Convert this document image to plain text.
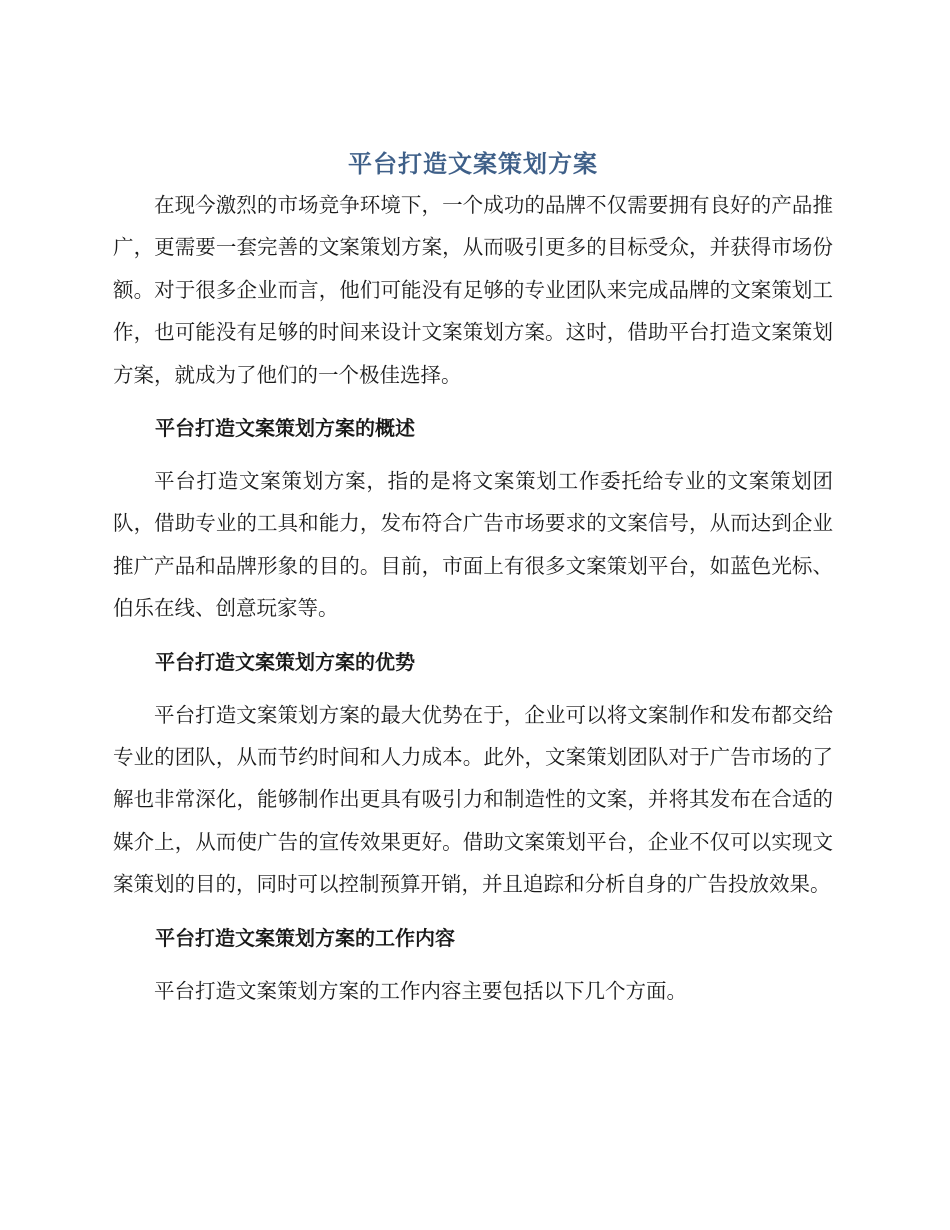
平台打造文案策划方案

在现今激烈的市场竞争环境下，一个成功的品牌不仅需要拥有良好的产品推广，更需要一套完善的文案策划方案，从而吸引更多的目标受众，并获得市场份额。对于很多企业而言，他们可能没有足够的专业团队来完成品牌的文案策划工作，也可能没有足够的时间来设计文案策划方案。这时，借助平台打造文案策划方案，就成为了他们的一个极佳选择。

平台打造文案策划方案的概述

平台打造文案策划方案，指的是将文案策划工作委托给专业的文案策划团队，借助专业的工具和能力，发布符合广告市场要求的文案信号，从而达到企业推广产品和品牌形象的目的。目前，市面上有很多文案策划平台，如蓝色光标、伯乐在线、创意玩家等。

平台打造文案策划方案的优势

平台打造文案策划方案的最大优势在于，企业可以将文案制作和发布都交给专业的团队，从而节约时间和人力成本。此外，文案策划团队对于广告市场的了解也非常深化，能够制作出更具有吸引力和制造性的文案，并将其发布在合适的媒介上，从而使广告的宣传效果更好。借助文案策划平台，企业不仅可以实现文案策划的目的，同时可以控制预算开销，并且追踪和分析自身的广告投放效果。

平台打造文案策划方案的工作内容

平台打造文案策划方案的工作内容主要包括以下几个方面。
